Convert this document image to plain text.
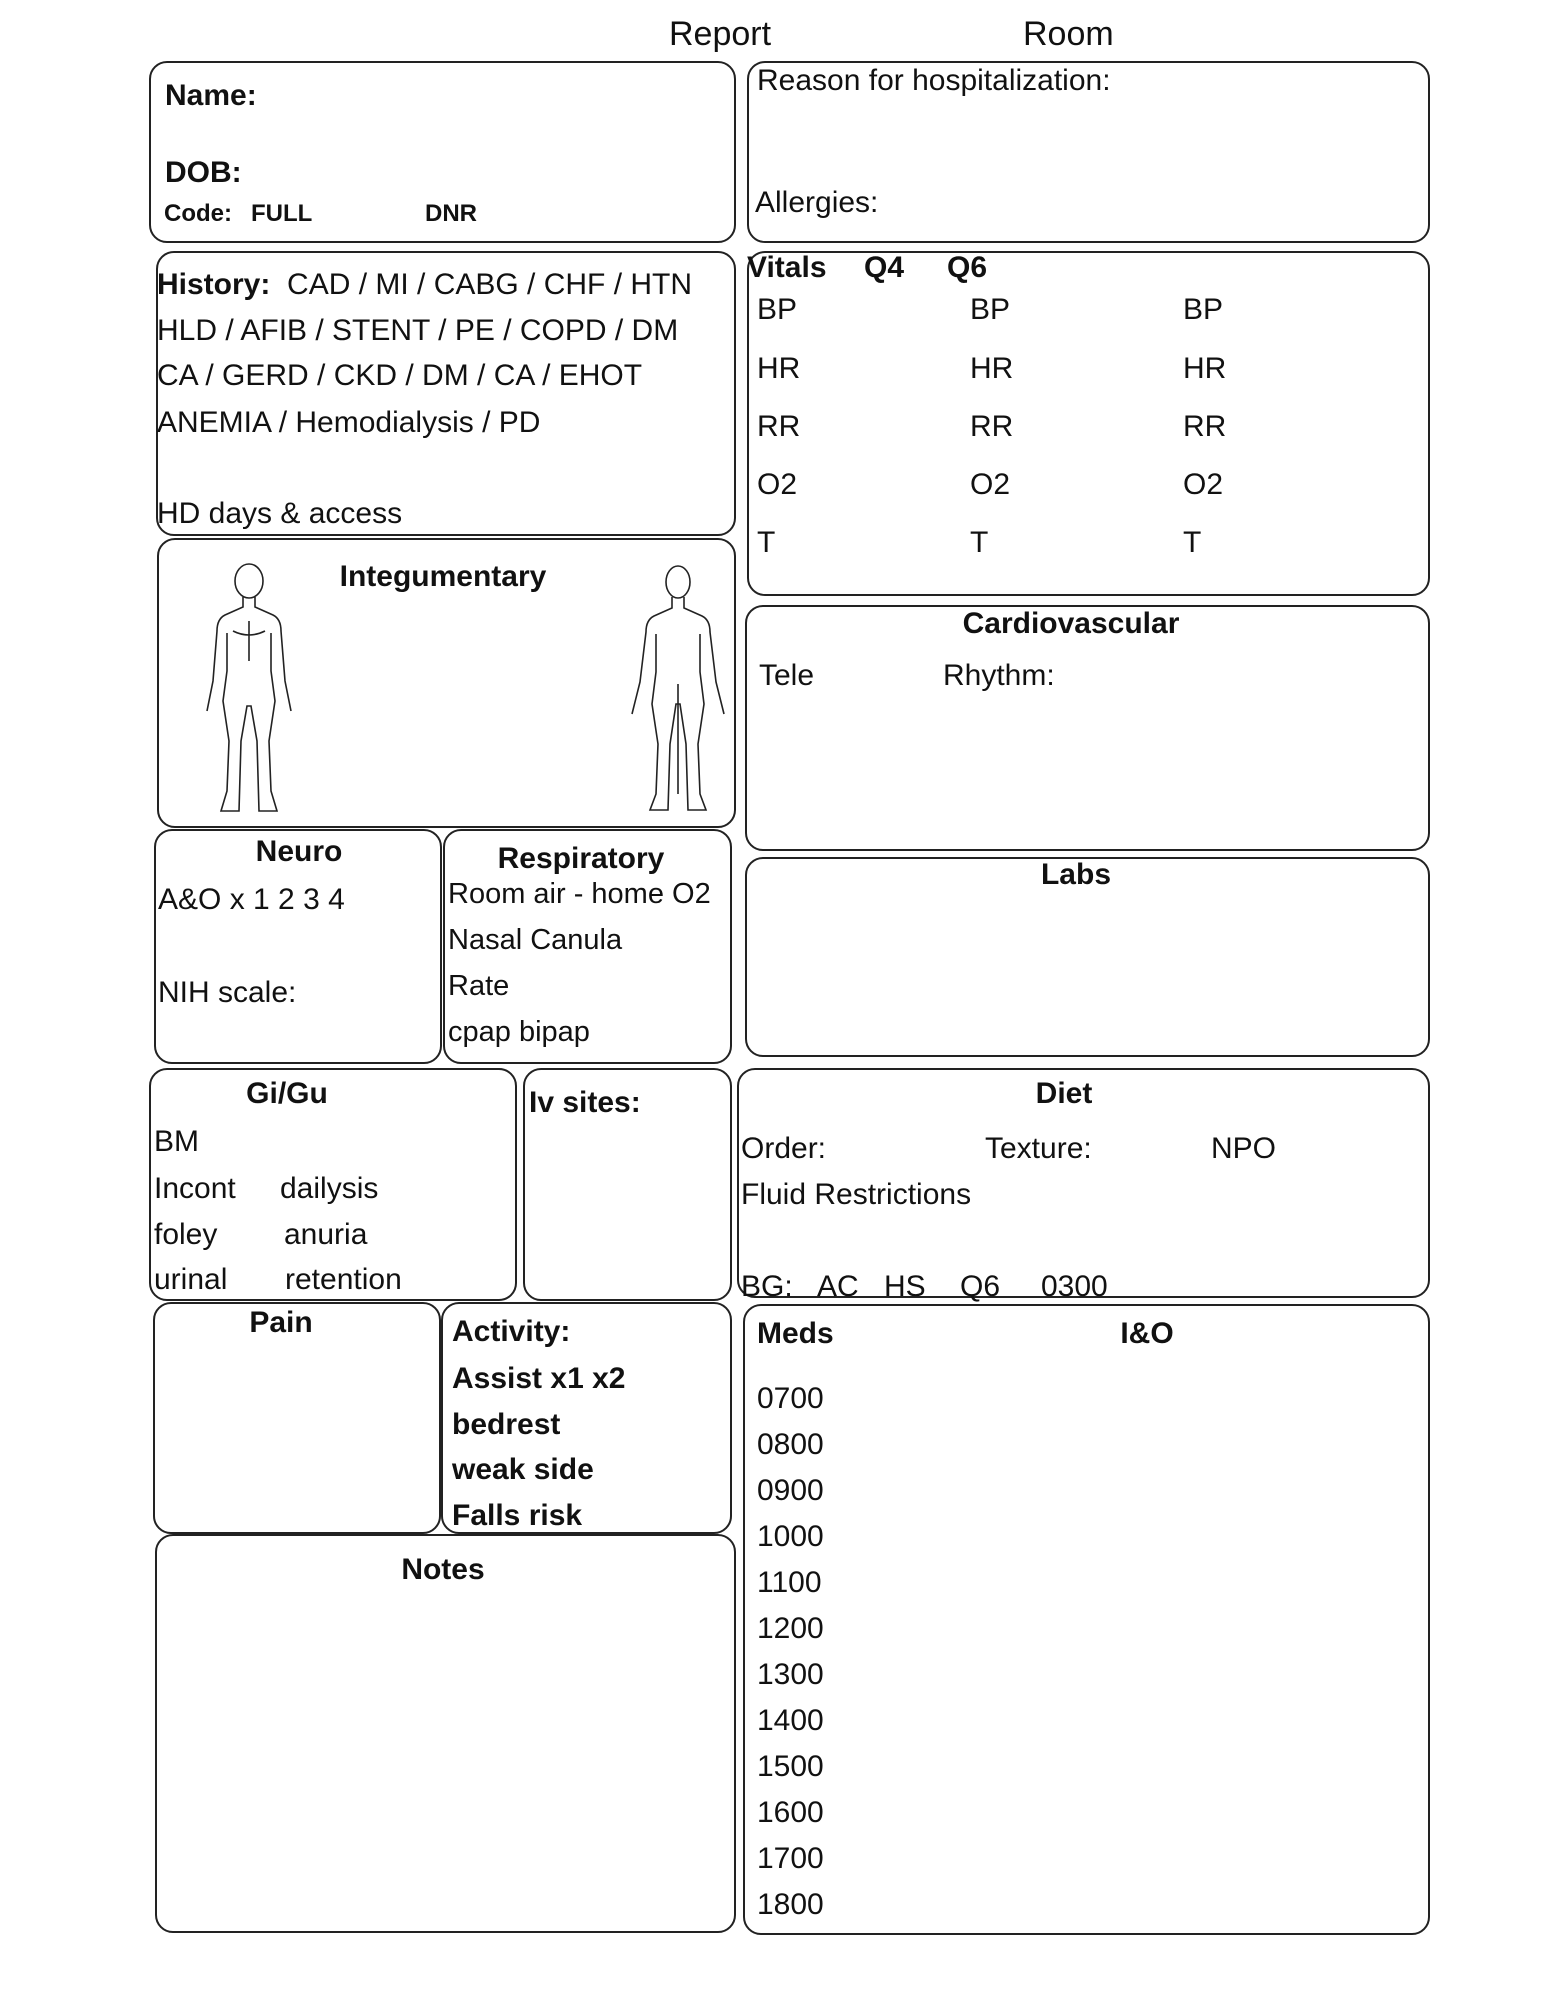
Report	Room
Name:
DOB:
Code: FULL	DNR
Reason for hospitalization:
Allergies:
History: CAD / MI / CABG / CHF / HTN
HLD / AFIB / STENT / PE / COPD / DM
CA / GERD / CKD / DM / CA / EHOT
ANEMIA / Hemodialysis / PD
HD days & access
Vitals Q4 Q6
BP	BP	BP
HR	HR	HR
RR	RR	RR
O2	O2	O2
T	T	T
Integumentary
Cardiovascular
Tele	Rhythm:
Neuro
A&O x 1 2 3 4
NIH scale:
Respiratory
Room air - home O2
Nasal Canula
Rate
cpap bipap
Labs
Gi/Gu
BM
Incont dailysis
foley anuria
urinal retention
Iv sites:	Diet
Order:	Texture:	NPO
Fluid Restrictions
BG: AC HS Q6 0300
Pain	Activity:
Assist x1 x2
bedrest
weak side
Falls risk
Notes
Meds	I&O
0700
0800
0900
1000
1100
1200
1300
1400
1500
1600
1700
1800
